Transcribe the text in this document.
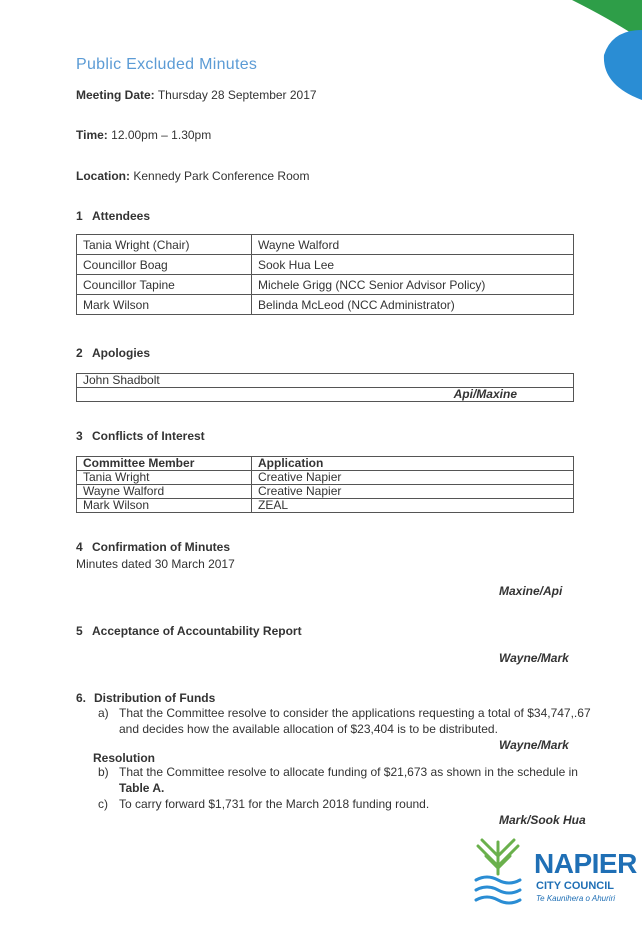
Public Excluded Minutes
Meeting Date: Thursday 28 September 2017
Time: 12.00pm – 1.30pm
Location: Kennedy Park Conference Room
1 Attendees
Tania Wright (Chair)	Wayne Walford
Councillor Boag	Sook Hua Lee
Councillor Tapine	Michele Grigg (NCC Senior Advisor Policy)
Mark Wilson	Belinda McLeod (NCC Administrator)
2 Apologies
John Shadbolt
Api/Maxine
3 Conflicts of Interest
Committee Member	Application
Tania Wright	Creative Napier
Wayne Walford	Creative Napier
Mark Wilson	ZEAL
4 Confirmation of Minutes
Minutes dated 30 March 2017
Maxine/Api
5 Acceptance of Accountability Report
Wayne/Mark
6. Distribution of Funds
a) That the Committee resolve to consider the applications requesting a total of $34,747,.67
and decides how the available allocation of $23,404 is to be distributed.
Wayne/Mark
Resolution
b) That the Committee resolve to allocate funding of $21,673 as shown in the schedule in
Table A.
c) To carry forward $1,731 for the March 2018 funding round.
Mark/Sook Hua
NAPIER
CITY COUNCIL
Te Kaunihera o Ahuriri
